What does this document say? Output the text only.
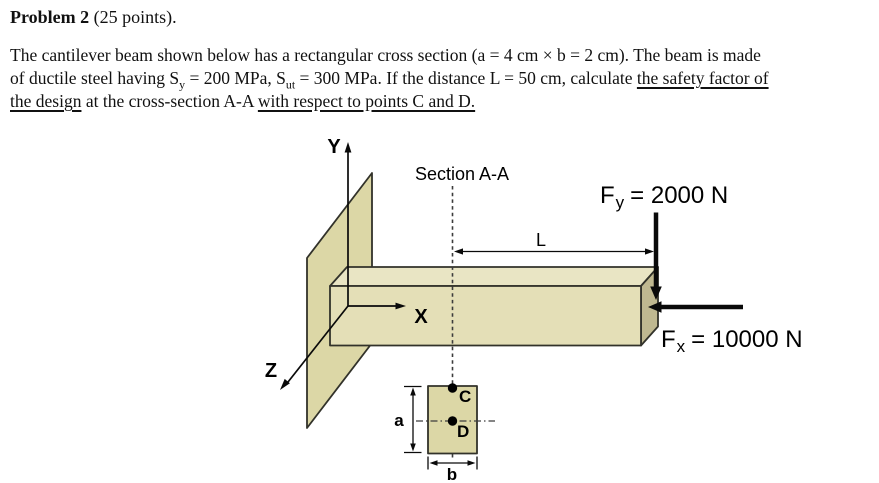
Problem 2 (25 points).

The cantilever beam shown below has a rectangular cross section (a = 4 cm × b = 2 cm). The beam is made
of ductile steel having $S_y = 200$ MPa, $S_{ut} = 300$ MPa. If the distance L = 50 cm, calculate the safety factor of
the design at the cross-section A-A with respect to points C and D.

Section A-A
Y
X
Z
L
$F_y = 2000$ N
$F_x = 10000$ N
C
D
a
b
